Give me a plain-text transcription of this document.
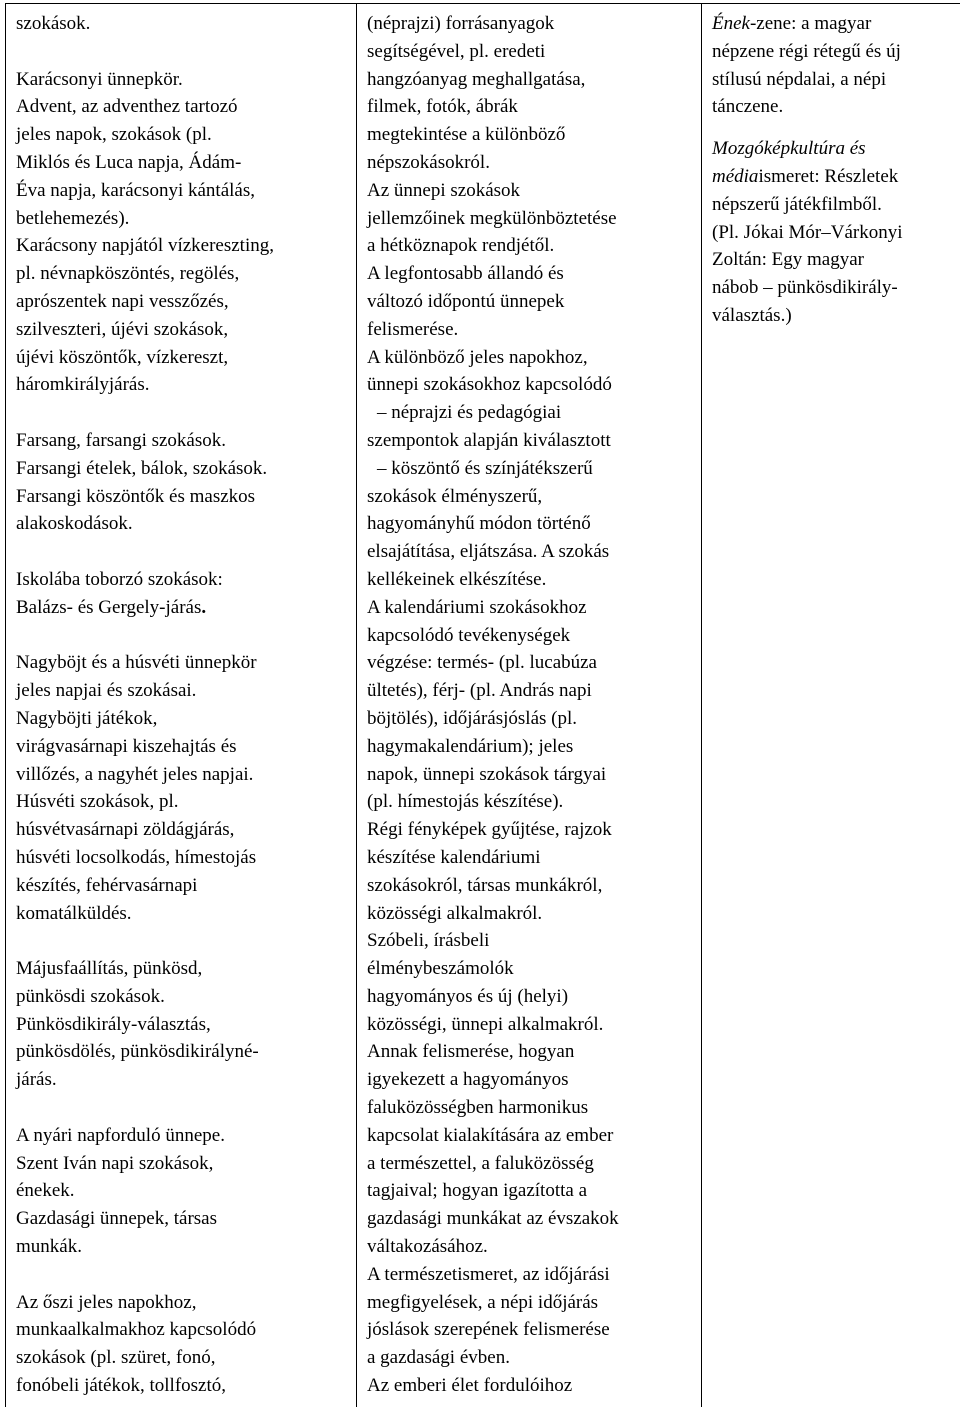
szokások.
Karácsonyi ünnepkör.
Advent, az adventhez tartozó
jeles napok, szokások (pl.
Miklós és Luca napja, Ádám-
Éva napja, karácsonyi kántálás,
betlehemezés).
Karácsony napjától vízkereszting,
pl. névnapköszöntés, regölés,
aprószentek napi vesszőzés,
szilveszteri, újévi szokások,
újévi köszöntők, vízkereszt,
háromkirályjárás.
Farsang, farsangi szokások.
Farsangi ételek, bálok, szokások.
Farsangi köszöntők és maszkos
alakoskodások.
Iskolába toborzó szokások:
Balázs- és Gergely-járás.
Nagyböjt és a húsvéti ünnepkör
jeles napjai és szokásai.
Nagyböjti játékok,
virágvasárnapi kiszehajtás és
villőzés, a nagyhét jeles napjai.
Húsvéti szokások, pl.
húsvétvasárnapi zöldágjárás,
húsvéti locsolkodás, hímestojás
készítés, fehérvasárnapi
komatálküldés.
Májusfaállítás, pünkösd,
pünkösdi szokások.
Pünkösdikirály-választás,
pünkösdölés, pünkösdikirályné-
járás.
A nyári napforduló ünnepe.
Szent Iván napi szokások,
énekek.
Gazdasági ünnepek, társas
munkák.
Az őszi jeles napokhoz,
munkaalkalmakhoz kapcsolódó
szokások (pl. szüret, fonó,
fonóbeli játékok, tollfosztó,

(néprajzi) forrásanyagok
segítségével, pl. eredeti
hangzóanyag meghallgatása,
filmek, fotók, ábrák
megtekintése a különböző
népszokásokról.
Az ünnepi szokások
jellemzőinek megkülönböztetése
a hétköznapok rendjétől.
A legfontosabb állandó és
változó időpontú ünnepek
felismerése.
A különböző jeles napokhoz,
ünnepi szokásokhoz kapcsolódó
– néprajzi és pedagógiai
szempontok alapján kiválasztott
– köszöntő és színjátékszerű
szokások élményszerű,
hagyományhű módon történő
elsajátítása, eljátszása. A szokás
kellékeinek elkészítése.
A kalendáriumi szokásokhoz
kapcsolódó tevékenységek
végzése: termés- (pl. lucabúza
ültetés), férj- (pl. András napi
böjtölés), időjárásjóslás (pl.
hagymakalendárium); jeles
napok, ünnepi szokások tárgyai
(pl. hímestojás készítése).
Régi fényképek gyűjtése, rajzok
készítése kalendáriumi
szokásokról, társas munkákról,
közösségi alkalmakról.
Szóbeli, írásbeli
élménybeszámolók
hagyományos és új (helyi)
közösségi, ünnepi alkalmakról.
Annak felismerése, hogyan
igyekezett a hagyományos
faluközösségben harmonikus
kapcsolat kialakítására az ember
a természettel, a faluközösség
tagjaival; hogyan igazította a
gazdasági munkákat az évszakok
váltakozásához.
A természetismeret, az időjárási
megfigyelések, a népi időjárás
jóslások szerepének felismerése
a gazdasági évben.
Az emberi élet fordulóihoz

Ének-zene: a magyar
népzene régi rétegű és új
stílusú népdalai, a népi
tánczene.
Mozgóképkultúra és
médiaismeret: Részletek
népszerű játékfilmből.
(Pl. Jókai Mór–Várkonyi
Zoltán: Egy magyar
nábob – pünkösdikirály-
választás.)
